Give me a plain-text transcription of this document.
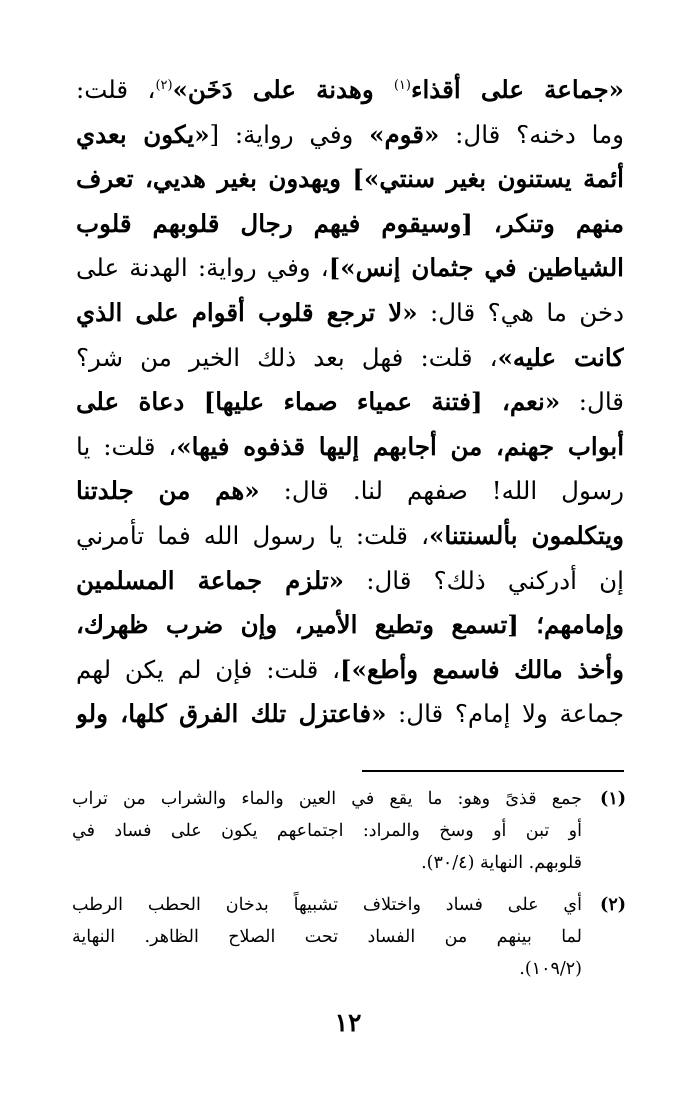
«جماعة على أقذاء$^{(١)}$ وهدنة على دَخَن»$^{(٢)}$، قلت:
وما دخنه؟ قال: «قوم» وفي رواية: [«يكون بعدي
أئمة يستنون بغير سنتي»] ويهدون بغير هديي، تعرف
منهم وتنكر، [وسيقوم فيهم رجال قلوبهم قلوب
الشياطين في جثمان إنس»]، وفي رواية: الهدنة على
دخن ما هي؟ قال: «لا ترجع قلوب أقوام على الذي
كانت عليه»، قلت: فهل بعد ذلك الخير من شر؟
قال: «نعم، [فتنة عمياء صماء عليها] دعاة على
أبواب جهنم، من أجابهم إليها قذفوه فيها»، قلت: يا
رسول الله! صفهم لنا. قال: «هم من جلدتنا
ويتكلمون بألسنتنا»، قلت: يا رسول الله فما تأمرني
إن أدركني ذلك؟ قال: «تلزم جماعة المسلمين
وإمامهم؛ [تسمع وتطيع الأمير، وإن ضرب ظهرك،
وأخذ مالك فاسمع وأطع»]، قلت: فإن لم يكن لهم
جماعة ولا إمام؟ قال: «فاعتزل تلك الفرق كلها، ولو
(١)
جمع قذىً وهو: ما يقع في العين والماء والشراب من تراب
أو تبن أو وسخ والمراد: اجتماعهم يكون على فساد في
قلوبهم. النهاية (٣٠/٤).
(٢)
أي على فساد واختلاف تشبيهاً بدخان الحطب الرطب
لما بينهم من الفساد تحت الصلاح الظاهر. النهاية
(١٠٩/٢).
١٢
